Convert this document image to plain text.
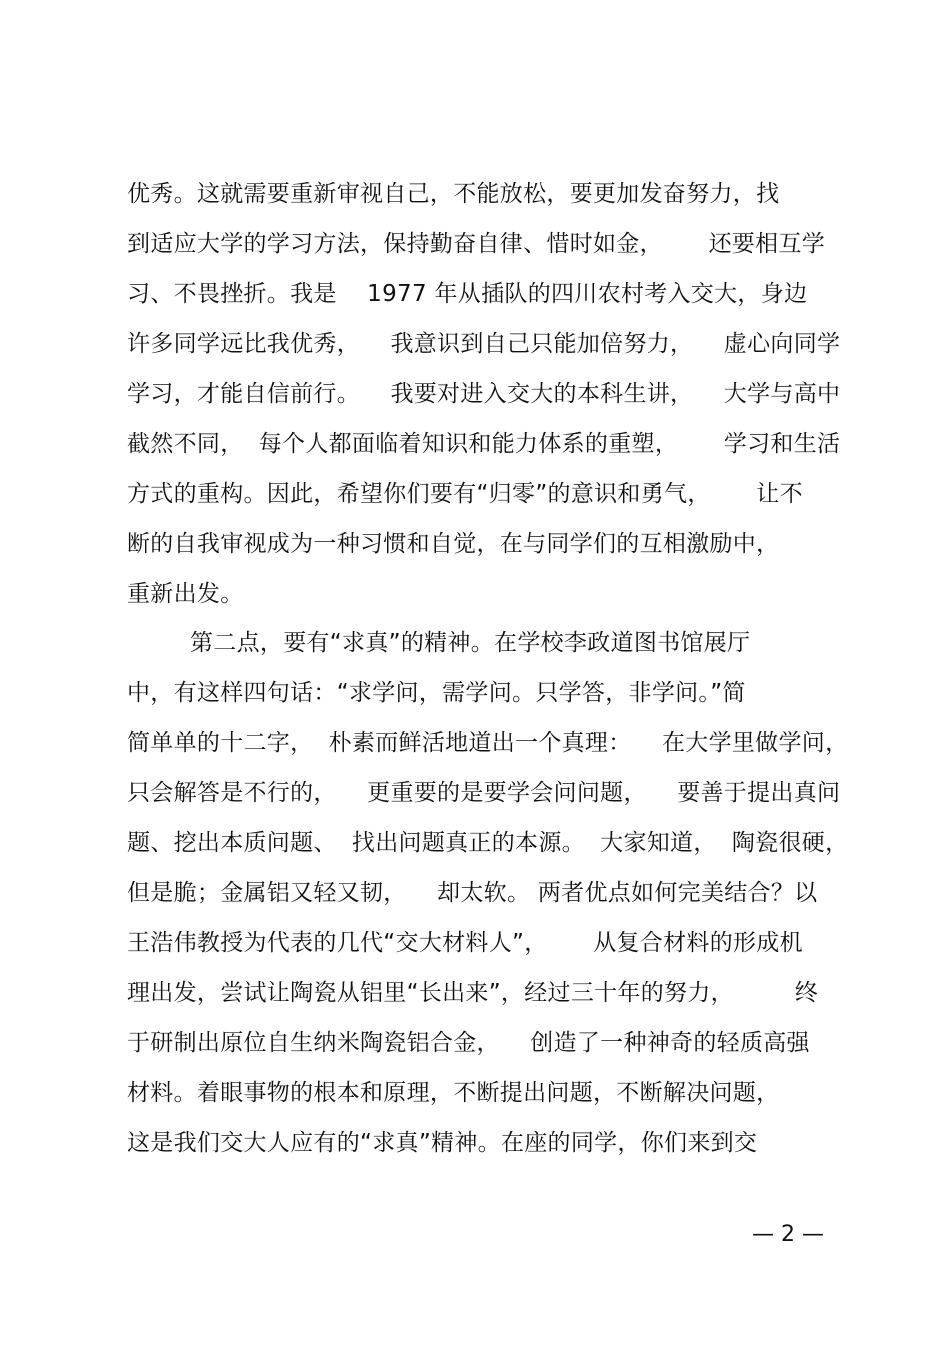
优秀。这就需要重新审视自己，不能放松，要更加发奋努力，找
到适应大学的学习方法，保持勤奋自律、惜时如金，      还要相互学
习、不畏挫折。我是    1977 年从插队的四川农村考入交大，身边
许多同学远比我优秀，    我意识到自己只能加倍努力，    虚心向同学
学习，才能自信前行。    我要对进入交大的本科生讲，    大学与高中
截然不同，  每个人都面临着知识和能力体系的重塑，      学习和生活
方式的重构。因此，希望你们要有“归零”的意识和勇气，      让不
断的自我审视成为一种习惯和自觉，在与同学们的互相激励中，
重新出发。
第二点，要有“求真”的精神。在学校李政道图书馆展厅
中，有这样四句话：“求学问，需学问。只学答，非学问。”简
简单单的十二字，  朴素而鲜活地道出一个真理：    在大学里做学问，
只会解答是不行的，    更重要的是要学会问问题，    要善于提出真问
题、挖出本质问题、  找出问题真正的本源。  大家知道，  陶瓷很硬，
但是脆；金属铝又轻又韧，    却太软。 两者优点如何完美结合？以
王浩伟教授为代表的几代“交大材料人”，      从复合材料的形成机
理出发，尝试让陶瓷从铝里“长出来”，经过三十年的努力，        终
于研制出原位自生纳米陶瓷铝合金，    创造了一种神奇的轻质高强
材料。着眼事物的根本和原理，不断提出问题，不断解决问题，
这是我们交大人应有的“求真”精神。在座的同学，你们来到交
— 2 —
